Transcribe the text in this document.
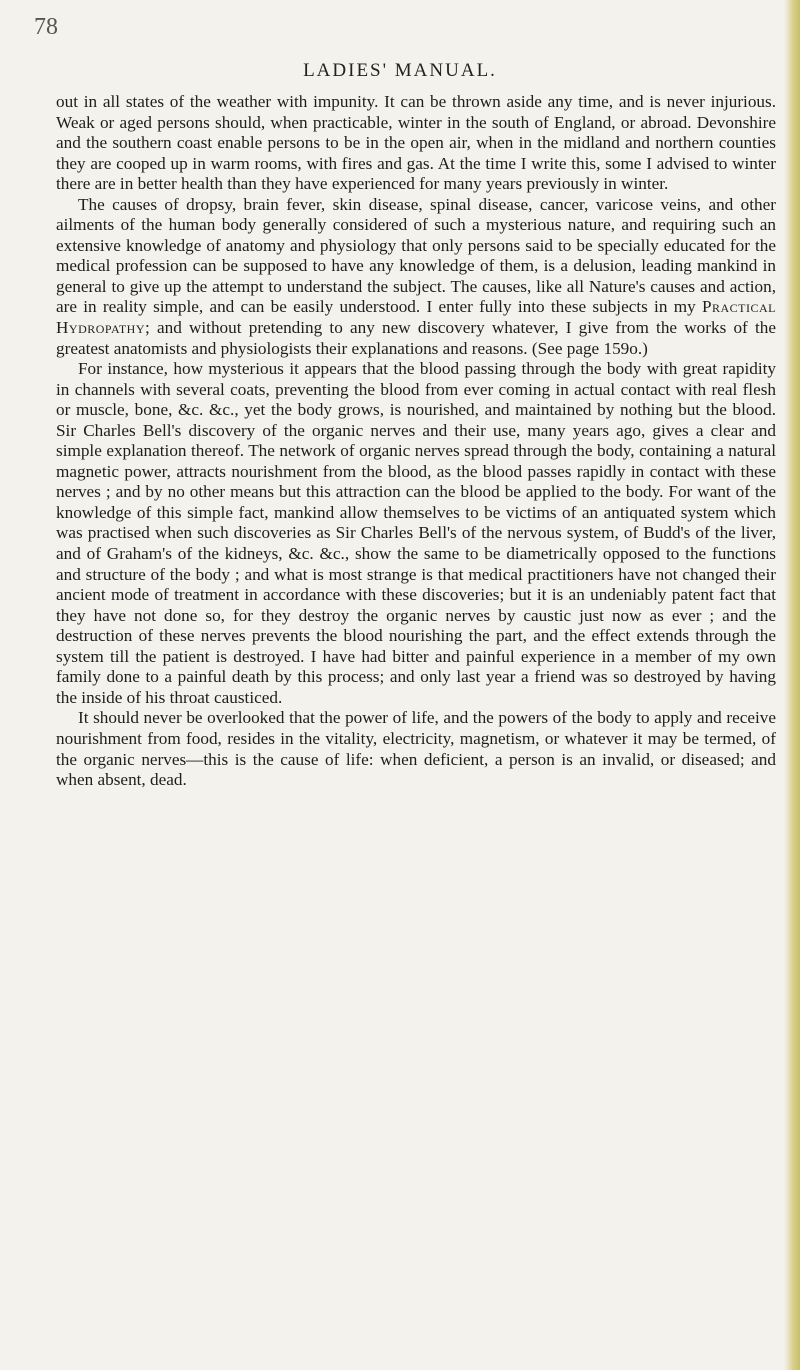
78
LADIES' MANUAL.

out in all states of the weather with impunity. It can be thrown aside any time, and is never injurious. Weak or aged persons should, when practicable, winter in the south of England, or abroad. Devonshire and the southern coast enable persons to be in the open air, when in the midland and northern counties they are cooped up in warm rooms, with fires and gas. At the time I write this, some I advised to winter there are in better health than they have experienced for many years previously in winter.

The causes of dropsy, brain fever, skin disease, spinal disease, cancer, varicose veins, and other ailments of the human body generally considered of such a mysterious nature, and requiring such an extensive knowledge of anatomy and physiology that only persons said to be specially educated for the medical profession can be supposed to have any knowledge of them, is a delusion, leading mankind in general to give up the attempt to understand the subject. The causes, like all Nature's causes and action, are in reality simple, and can be easily understood. I enter fully into these subjects in my Practical Hydropathy; and without pretending to any new discovery whatever, I give from the works of the greatest anatomists and physiologists their explanations and reasons. (See page 159o.)

For instance, how mysterious it appears that the blood passing through the body with great rapidity in channels with several coats, preventing the blood from ever coming in actual contact with real flesh or muscle, bone, &c. &c., yet the body grows, is nourished, and maintained by nothing but the blood. Sir Charles Bell's discovery of the organic nerves and their use, many years ago, gives a clear and simple explanation thereof. The network of organic nerves spread through the body, containing a natural magnetic power, attracts nourishment from the blood, as the blood passes rapidly in contact with these nerves ; and by no other means but this attraction can the blood be applied to the body. For want of the knowledge of this simple fact, mankind allow themselves to be victims of an antiquated system which was practised when such discoveries as Sir Charles Bell's of the nervous system, of Budd's of the liver, and of Graham's of the kidneys, &c. &c., show the same to be diametrically opposed to the functions and structure of the body ; and what is most strange is that medical practitioners have not changed their ancient mode of treatment in accordance with these discoveries; but it is an undeniably patent fact that they have not done so, for they destroy the organic nerves by caustic just now as ever ; and the destruction of these nerves prevents the blood nourishing the part, and the effect extends through the system till the patient is destroyed. I have had bitter and painful experience in a member of my own family done to a painful death by this process; and only last year a friend was so destroyed by having the inside of his throat causticed.

It should never be overlooked that the power of life, and the powers of the body to apply and receive nourishment from food, resides in the vitality, electricity, magnetism, or whatever it may be termed, of the organic nerves—this is the cause of life: when deficient, a person is an invalid, or diseased; and when absent, dead.
